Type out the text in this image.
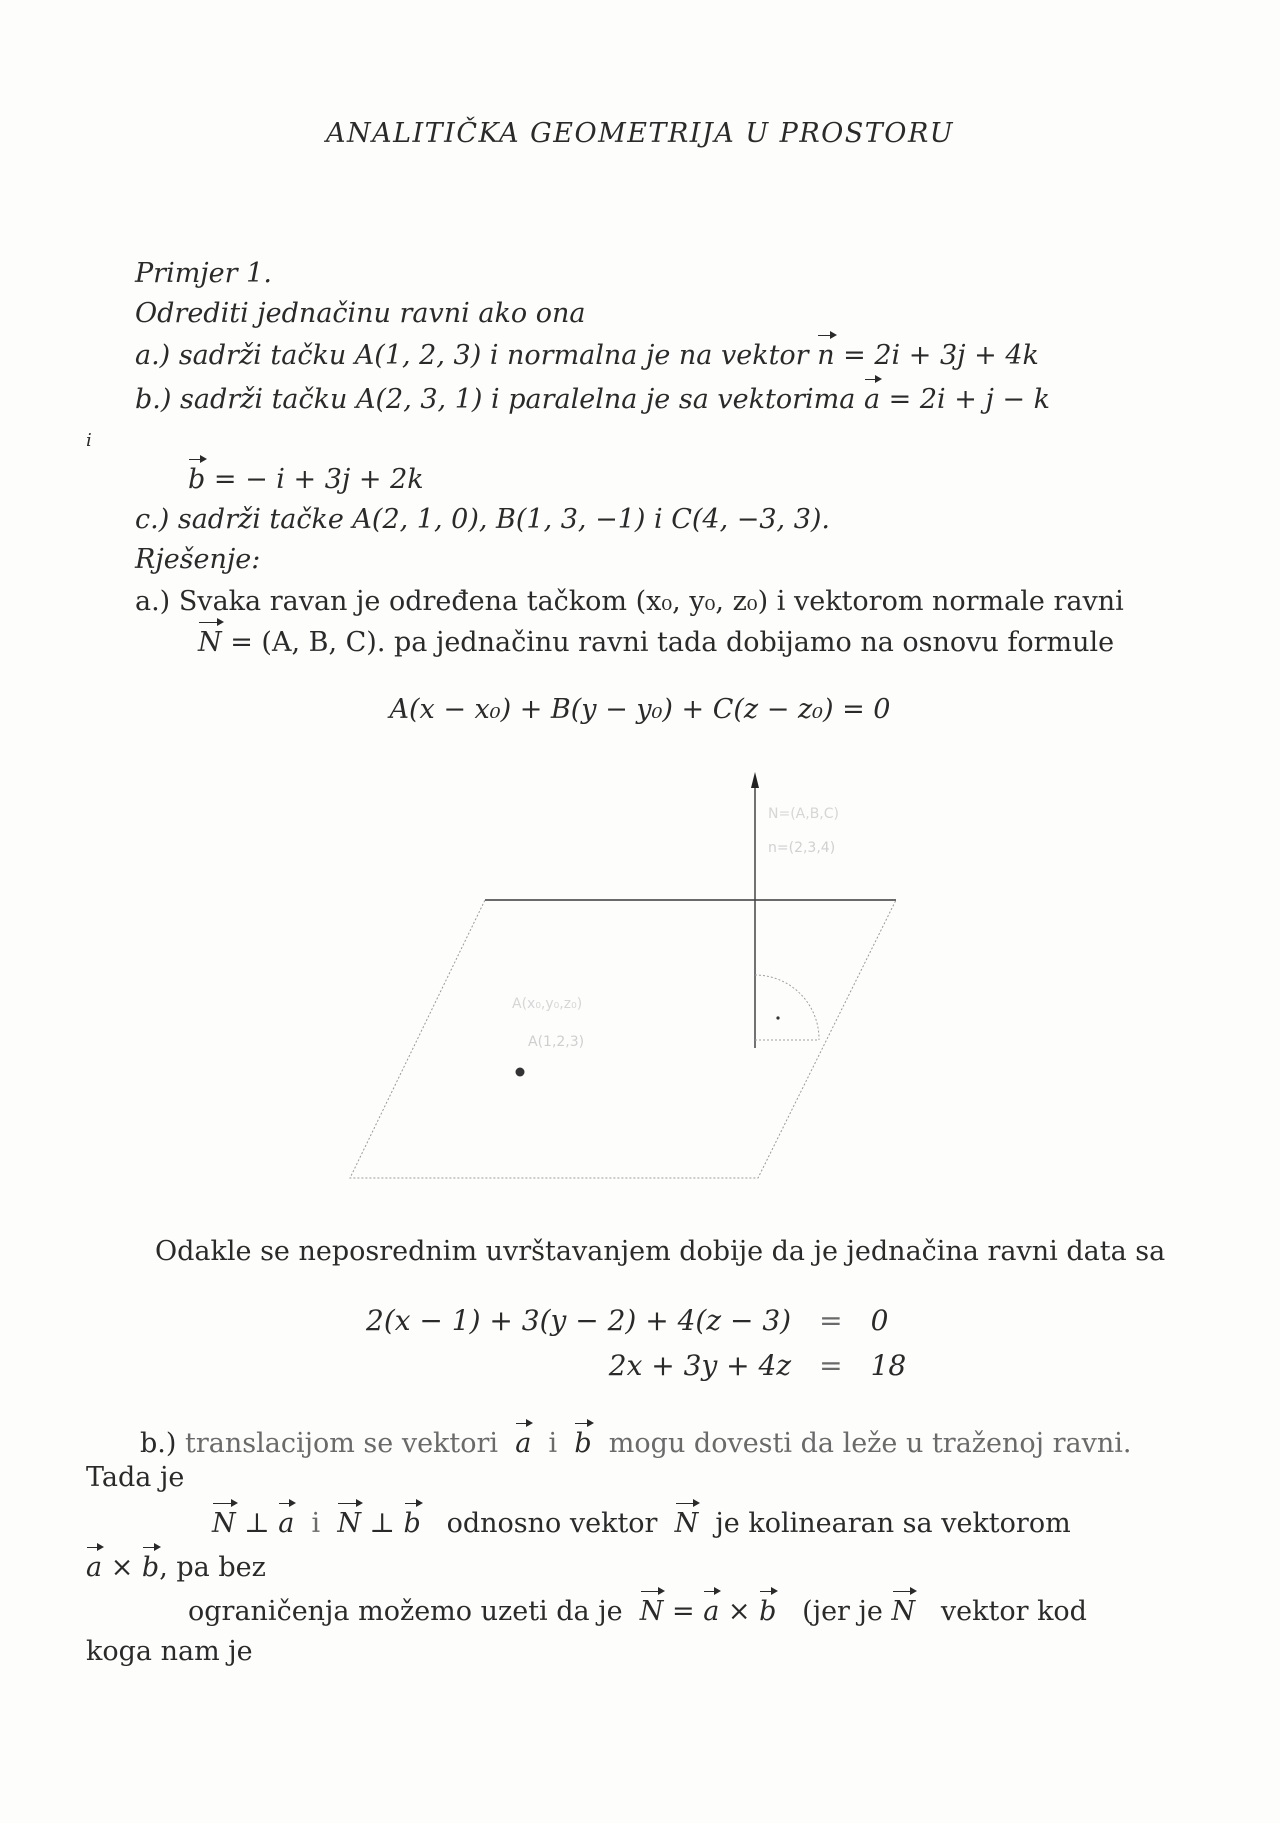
ANALITIČKA GEOMETRIJA U PROSTORU
Primjer 1.
Odrediti jednačinu ravni ako ona
a.) sadrži tačku A(1, 2, 3) i normalna je na vektor n = 2i + 3j + 4k
b.) sadrži tačku A(2, 3, 1) i paralelna je sa vektorima a = 2i + j − k
i
b = − i + 3j + 2k
c.) sadrži tačke A(2, 1, 0), B(1, 3, −1) i C(4, −3, 3).
Rješenje:
a.) Svaka ravan je određena tačkom (x₀, y₀, z₀) i vektorom normale ravni
N = (A, B, C). pa jednačinu ravni tada dobijamo na osnovu formule
A(x − x₀) + B(y − y₀) + C(z − z₀) = 0
N=(A,B,C)
n=(2,3,4)
A(x₀,y₀,z₀)
A(1,2,3)
Odakle se neposrednim uvrštavanjem dobije da je jednačina ravni data sa
2(x − 1) + 3(y − 2) + 4(z − 3)	=	0
2x + 3y + 4z	=	18
b.) translacijom se vektori a i b mogu dovesti da leže u traženoj ravni.
Tada je
N ⊥ a i N ⊥ b odnosno vektor N je kolinearan sa vektorom
a × b, pa bez
ograničenja možemo uzeti da je N = a × b (jer je N vektor kod
koga nam je
